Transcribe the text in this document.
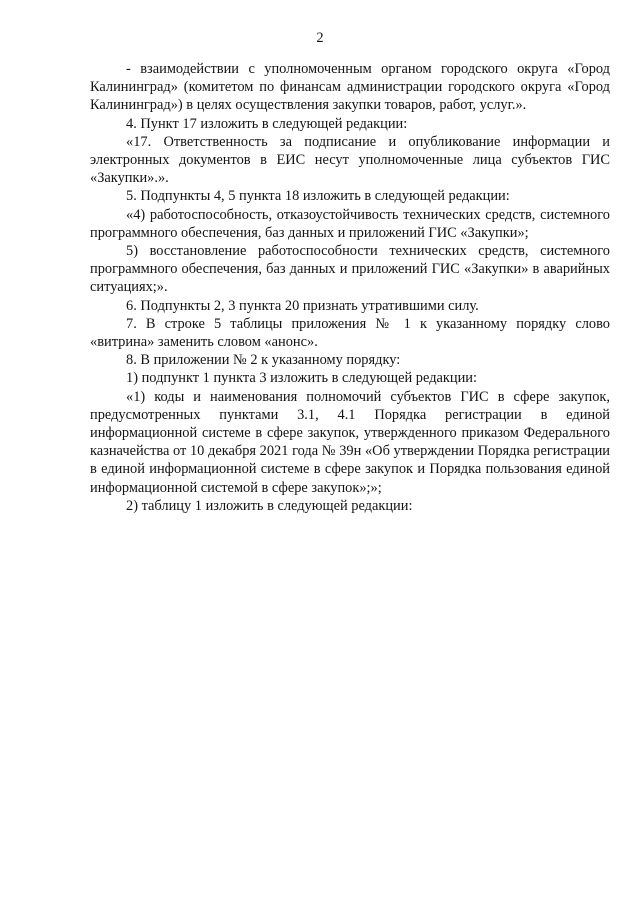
2

- взаимодействии с уполномоченным органом городского округа «Город Калининград» (комитетом по финансам администрации городского округа «Город Калининград») в целях осуществления закупки товаров, работ, услуг.».

4. Пункт 17 изложить в следующей редакции:

«17. Ответственность за подписание и опубликование информации и электронных документов в ЕИС несут уполномоченные лица субъектов ГИС «Закупки».».

5. Подпункты 4, 5 пункта 18 изложить в следующей редакции:

«4) работоспособность, отказоустойчивость технических средств, системного программного обеспечения, баз данных и приложений ГИС «Закупки»;

5) восстановление работоспособности технических средств, системного программного обеспечения, баз данных и приложений ГИС «Закупки» в аварийных ситуациях;».

6. Подпункты 2, 3 пункта 20 признать утратившими силу.

7. В строке 5 таблицы приложения № 1 к указанному порядку слово «витрина» заменить словом «анонс».

8. В приложении № 2 к указанному порядку:

1) подпункт 1 пункта 3 изложить в следующей редакции:

«1) коды и наименования полномочий субъектов ГИС в сфере закупок, предусмотренных пунктами 3.1, 4.1 Порядка регистрации в единой информационной системе в сфере закупок, утвержденного приказом Федерального казначейства от 10 декабря 2021 года № 39н «Об утверждении Порядка регистрации в единой информационной системе в сфере закупок и Порядка пользования единой информационной системой в сфере закупок»;»;

2) таблицу 1 изложить в следующей редакции:
